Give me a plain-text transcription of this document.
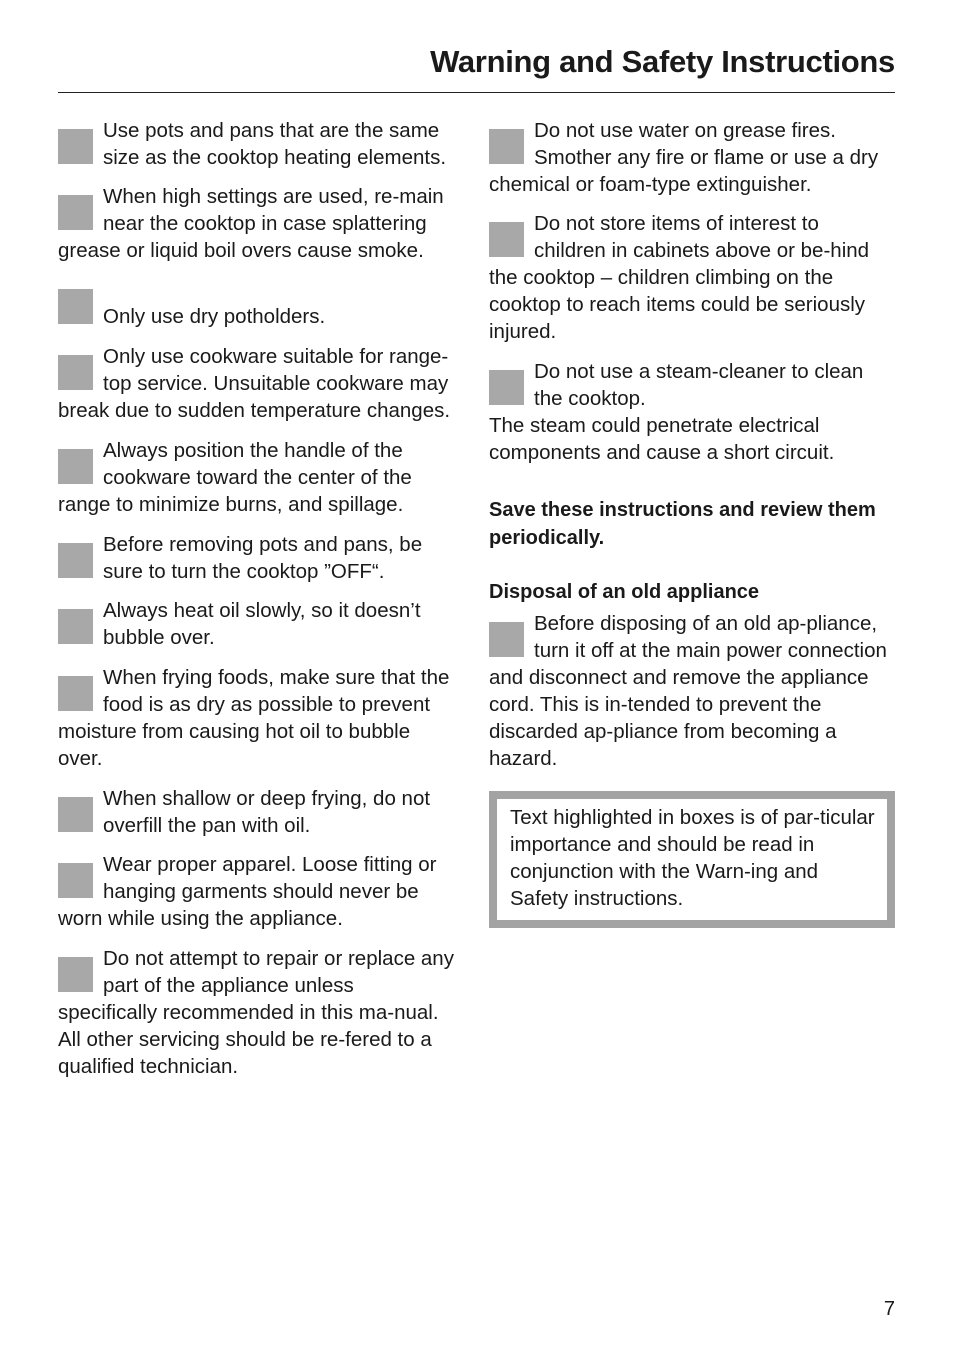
Warning and Safety Instructions

Use pots and pans that are the same size as the cooktop heating elements.

When high settings are used, re-main near the cooktop in case splattering grease or liquid boil overs cause smoke.

Only use dry potholders.

Only use cookware suitable for range-top service. Unsuitable cookware may break due to sudden temperature changes.

Always position the handle of the cookware toward the center of the range to minimize burns, and spillage.

Before removing pots and pans, be sure to turn the cooktop ”OFF“.

Always heat oil slowly, so it doesn’t bubble over.

When frying foods, make sure that the food is as dry as possible to prevent moisture from causing hot oil to bubble over.

When shallow or deep frying, do not overfill the pan with oil.

Wear proper apparel. Loose fitting or hanging garments should never be worn while using the appliance.

Do not attempt to repair or replace any part of the appliance unless specifically recommended in this ma-nual. All other servicing should be re-fered to a qualified technician.

Do not use water on grease fires. Smother any fire or flame or use a dry chemical or foam-type extinguisher.

Do not store items of interest to children in cabinets above or be-hind the cooktop – children climbing on the cooktop to reach items could be seriously injured.

Do not use a steam-cleaner to clean the cooktop.
The steam could penetrate electrical components and cause a short circuit.

Save these instructions and review them periodically.

Disposal of an old appliance

Before disposing of an old ap-pliance, turn it off at the main power connection and disconnect and remove the appliance cord. This is in-tended to prevent the discarded ap-pliance from becoming a hazard.

Text highlighted in boxes is of par-ticular importance and should be read in conjunction with the Warn-ing and Safety instructions.
7
